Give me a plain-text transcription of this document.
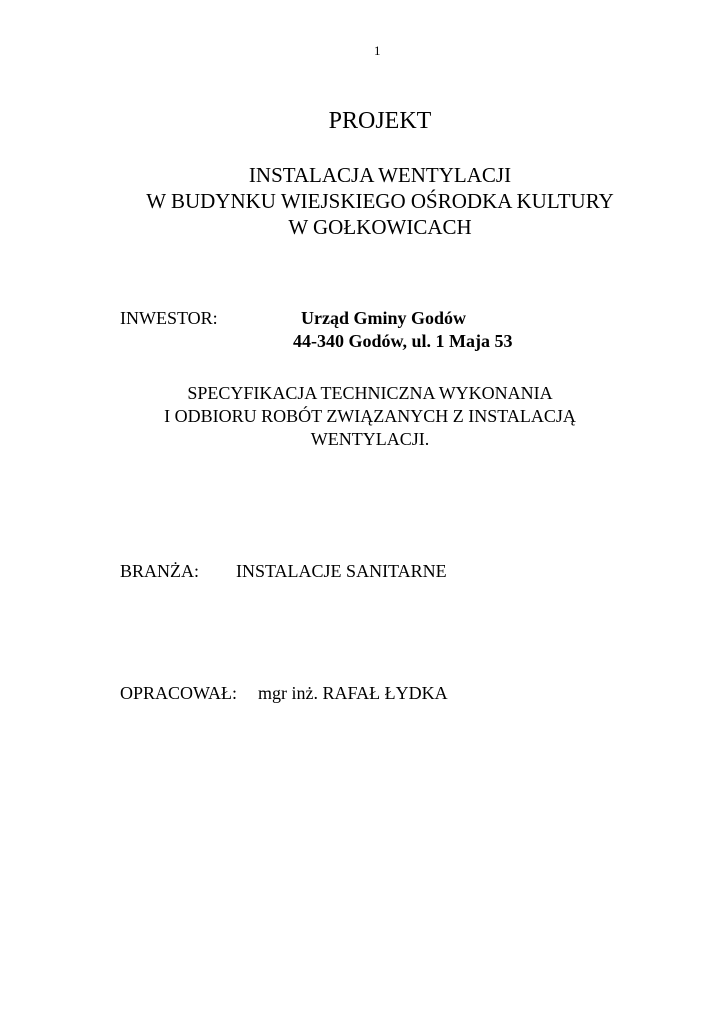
1
PROJEKT
INSTALACJA WENTYLACJI
W BUDYNKU WIEJSKIEGO OŚRODKA KULTURY
W GOŁKOWICACH
INWESTOR:	Urząd Gminy Godów
44-340 Godów, ul. 1 Maja 53
SPECYFIKACJA TECHNICZNA WYKONANIA
I ODBIORU ROBÓT ZWIĄZANYCH Z INSTALACJĄ
WENTYLACJI.
BRANŻA: INSTALACJE SANITARNE
OPRACOWAŁ: mgr inż. RAFAŁ ŁYDKA
